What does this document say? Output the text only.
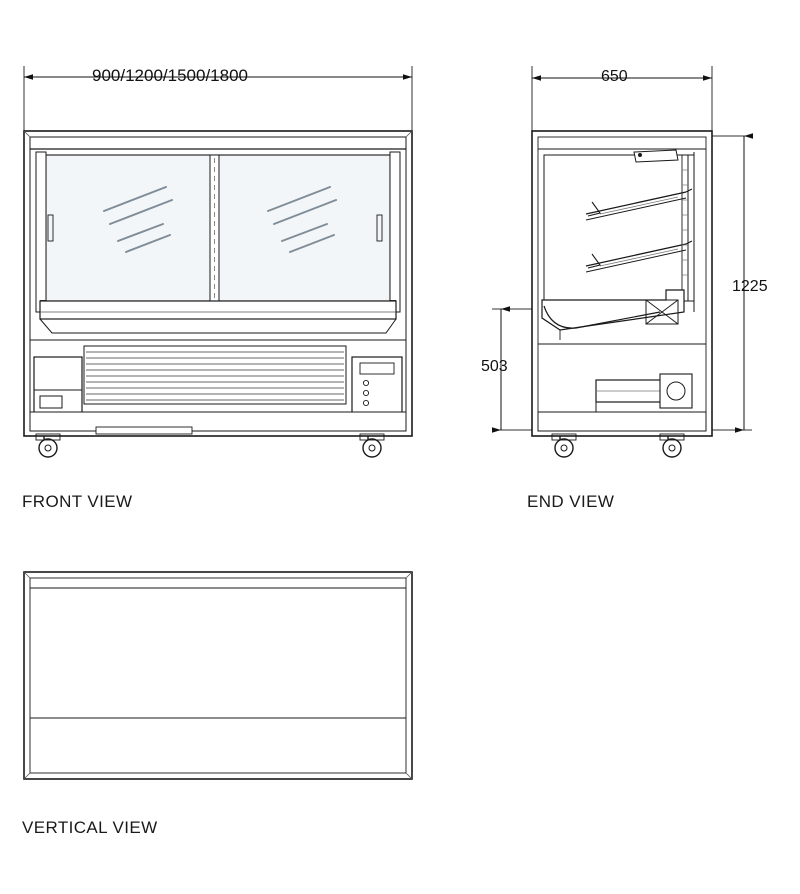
900/1200/1500/1800	650
1225
503
FRONT VIEW	END VIEW
VERTICAL VIEW
